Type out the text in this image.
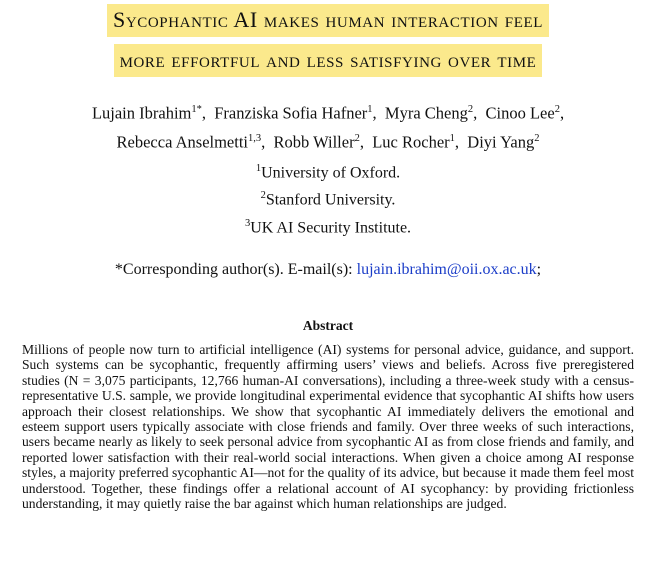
Sycophantic AI makes human interaction feel
more effortful and less satisfying over time
Lujain Ibrahim$^{1*}$,  Franziska Sofia Hafner$^1$,  Myra Cheng$^2$,  Cinoo Lee$^2$,
Rebecca Anselmetti$^{1,3}$,  Robb Willer$^2$,  Luc Rocher$^1$,  Diyi Yang$^2$
$^1$University of Oxford.
$^2$Stanford University.
$^3$UK AI Security Institute.
*Corresponding author(s). E-mail(s): lujain.ibrahim@oii.ox.ac.uk;
Abstract
Millions of people now turn to artificial intelligence (AI) systems for personal advice, guidance, and support. Such systems can be sycophantic, frequently affirming users’ views and beliefs. Across five preregistered studies (N = 3,075 participants, 12,766 human-AI conversations), including a three-week study with a census-representative U.S. sample, we provide longitudinal experimental evidence that sycophantic AI shifts how users approach their closest relationships. We show that sycophantic AI immediately delivers the emotional and esteem support users typically associate with close friends and family. Over three weeks of such interactions, users became nearly as likely to seek personal advice from sycophantic AI as from close friends and family, and reported lower satisfaction with their real-world social interactions. When given a choice among AI response styles, a majority preferred sycophantic AI—not for the quality of its advice, but because it made them feel most understood. Together, these findings offer a relational account of AI sycophancy: by providing frictionless understanding, it may quietly raise the bar against which human relationships are judged.
